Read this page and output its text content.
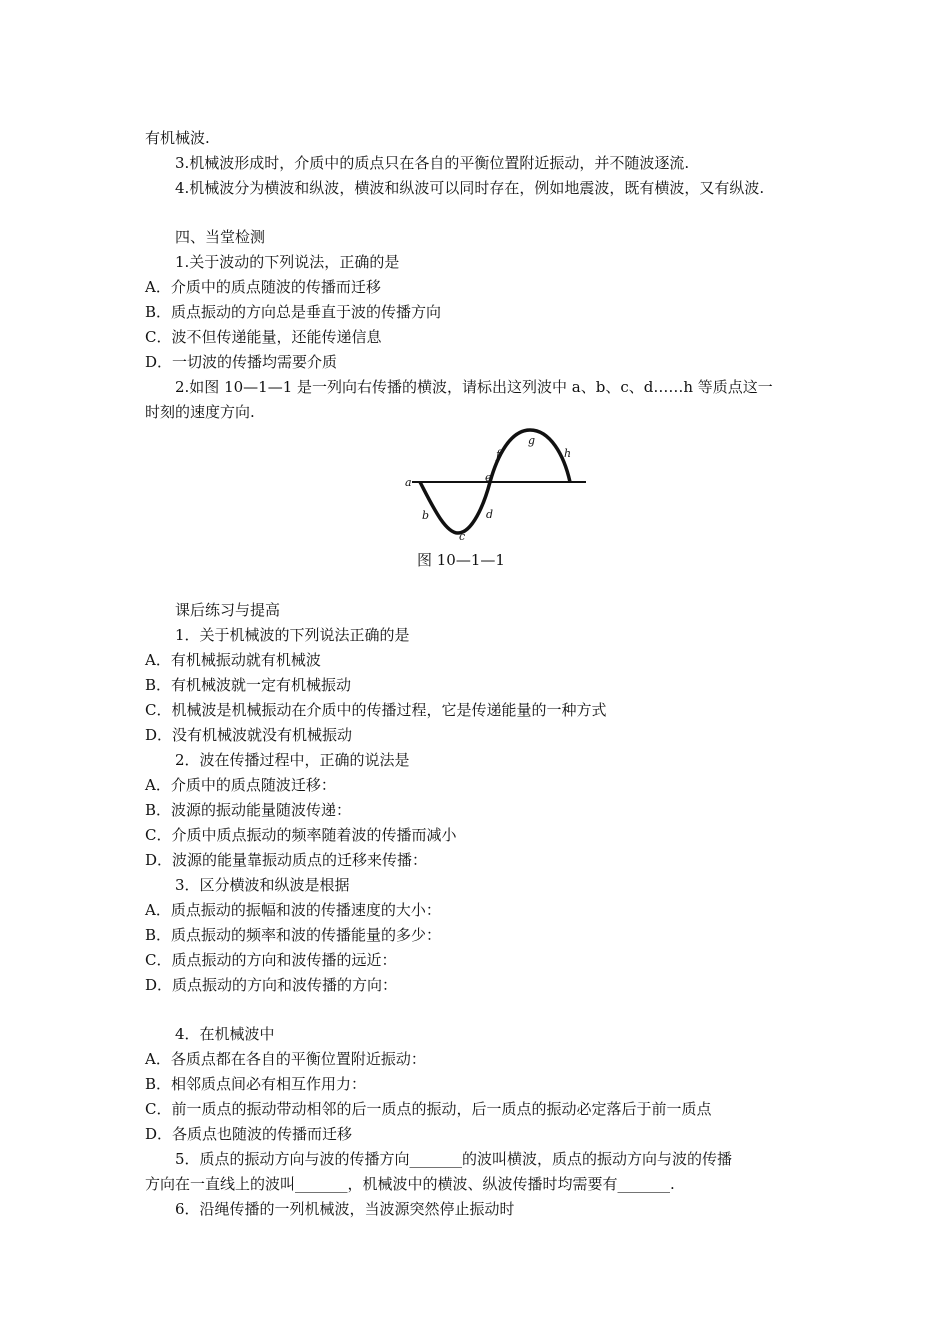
有机械波.
3.机械波形成时，介质中的质点只在各自的平衡位置附近振动，并不随波逐流.
4.机械波分为横波和纵波，横波和纵波可以同时存在，例如地震波，既有横波，又有纵波.
四、当堂检测
1.关于波动的下列说法，正确的是
A．介质中的质点随波的传播而迁移
B．质点振动的方向总是垂直于波的传播方向
C．波不但传递能量，还能传递信息
D．一切波的传播均需要介质
2.如图 10—1—1 是一列向右传播的横波，请标出这列波中 a、b、c、d……h 等质点这一
时刻的速度方向.
a
b
c
d
e
f
g
h
图 10—1—1
课后练习与提高
1．关于机械波的下列说法正确的是
A．有机械振动就有机械波
B．有机械波就一定有机械振动
C．机械波是机械振动在介质中的传播过程，它是传递能量的一种方式
D．没有机械波就没有机械振动
2．波在传播过程中，正确的说法是
A．介质中的质点随波迁移：
B．波源的振动能量随波传递：
C．介质中质点振动的频率随着波的传播而减小
D．波源的能量靠振动质点的迁移来传播：
3．区分横波和纵波是根据
A．质点振动的振幅和波的传播速度的大小：
B．质点振动的频率和波的传播能量的多少：
C．质点振动的方向和波传播的远近：
D．质点振动的方向和波传播的方向：
4．在机械波中
A．各质点都在各自的平衡位置附近振动：
B．相邻质点间必有相互作用力：
C．前一质点的振动带动相邻的后一质点的振动，后一质点的振动必定落后于前一质点
D．各质点也随波的传播而迁移
5．质点的振动方向与波的传播方向_______的波叫横波，质点的振动方向与波的传播
方向在一直线上的波叫_______，机械波中的横波、纵波传播时均需要有_______.
6．沿绳传播的一列机械波，当波源突然停止振动时
